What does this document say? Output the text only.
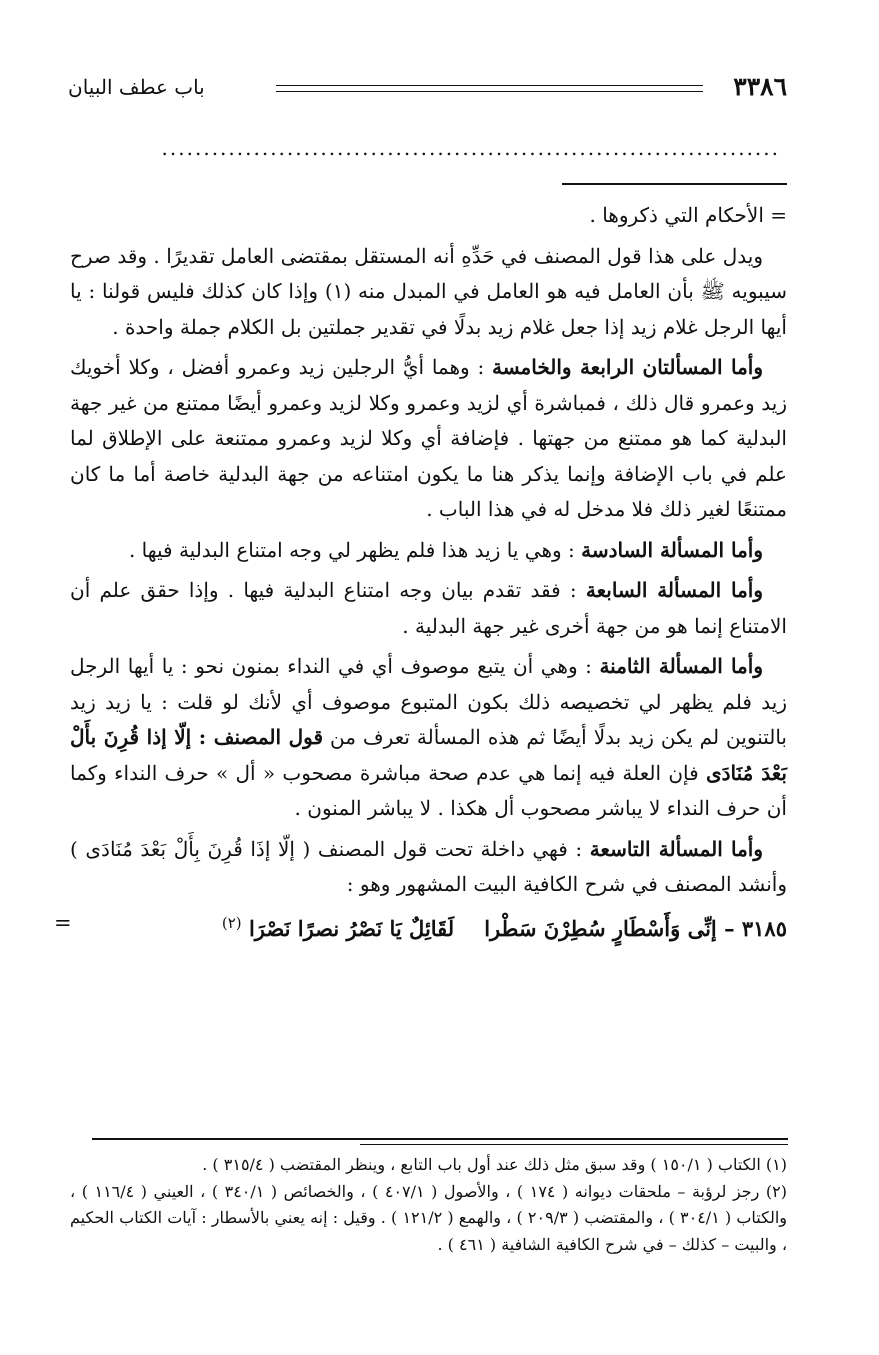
٣٣٨٦
باب عطف البيان
..........................................................................

= الأحكام التي ذكروها .

ويدل على هذا قول المصنف في حَدِّهِ أنه المستقل بمقتضى العامل تقديرًا . وقد صرح سيبويه ﷺ بأن العامل فيه هو العامل في المبدل منه (١) وإذا كان كذلك فليس قولنا : يا أيها الرجل غلام زيد إذا جعل غلام زيد بدلًا في تقدير جملتين بل الكلام جملة واحدة .

وأما المسألتان الرابعة والخامسة : وهما أيُّ الرجلين زيد وعمرو أفضل ، وكلا أخويك زيد وعمرو قال ذلك ، فمباشرة أي لزيد وعمرو وكلا لزيد وعمرو أيضًا ممتنع من غير جهة البدلية كما هو ممتنع من جهتها . فإضافة أي وكلا لزيد وعمرو ممتنعة على الإطلاق لما علم في باب الإضافة وإنما يذكر هنا ما يكون امتناعه من جهة البدلية خاصة أما ما كان ممتنعًا لغير ذلك فلا مدخل له في هذا الباب .

وأما المسألة السادسة : وهي يا زيد هذا فلم يظهر لي وجه امتناع البدلية فيها .

وأما المسألة السابعة : فقد تقدم بيان وجه امتناع البدلية فيها . وإذا حقق علم أن الامتناع إنما هو من جهة أخرى غير جهة البدلية .

وأما المسألة الثامنة : وهي أن يتبع موصوف أي في النداء بمنون نحو : يا أيها الرجل زيد فلم يظهر لي تخصيصه ذلك بكون المتبوع موصوف أي لأنك لو قلت : يا زيد زيد بالتنوين لم يكن زيد بدلًا أيضًا ثم هذه المسألة تعرف من قول المصنف : إلّا إذا قُرِنَ بأَلْ بَعْدَ مُنَادَى فإن العلة فيه إنما هي عدم صحة مباشرة مصحوب « أل » حرف النداء وكما أن حرف النداء لا يباشر مصحوب أل هكذا . لا يباشر المنون .

وأما المسألة التاسعة : فهي داخلة تحت قول المصنف ( إلّا إذَا قُرِنَ بِأَلْ بَعْدَ مُنَادَى ) وأنشد المصنف في شرح الكافية البيت المشهور وهو :

٣١٨٥ – إنِّى وَأَسْطَارٍ سُطِرْنَ سَطْرالَقَائِلٌ يَا نَصْرُ نصرًا نَصْرَا $^{(٢)}$
=

(١) الكتاب ( ١٥٠/١ ) وقد سبق مثل ذلك عند أول باب التابع ، وينظر المقتضب ( ٣١٥/٤ ) .

(٢) رجز لرؤبة – ملحقات ديوانه ( ١٧٤ ) ، والأصول ( ٤٠٧/١ ) ، والخصائص ( ٣٤٠/١ ) ، العيني ( ١١٦/٤ ) ، والكتاب ( ٣٠٤/١ ) ، والمقتضب ( ٢٠٩/٣ ) ، والهمع ( ١٢١/٢ ) . وقيل : إنه يعني بالأسطار : آيات الكتاب الحكيم ، والبيت – كذلك – في شرح الكافية الشافية ( ٤٦١ ) .
